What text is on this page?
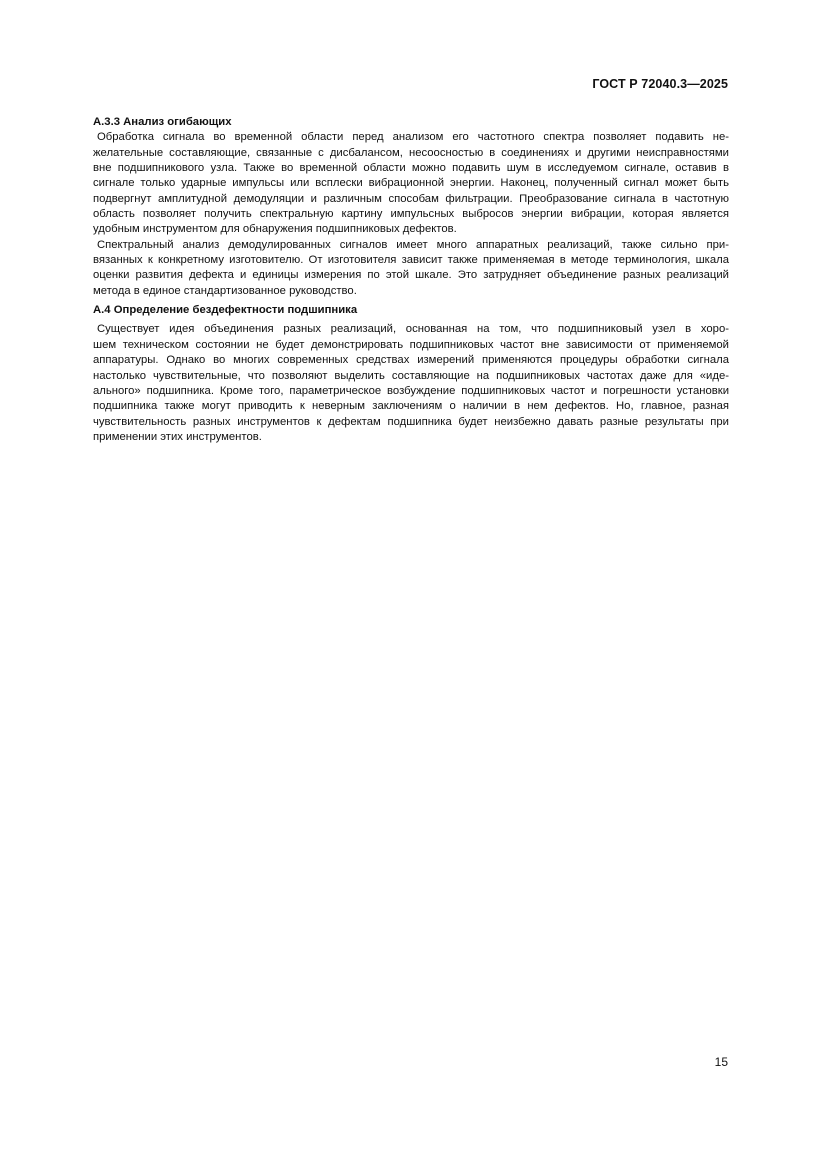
ГОСТ Р 72040.3—2025

А.3.3 Анализ огибающих

Обработка сигнала во временной области перед анализом его частотного спектра позволяет подавить не-
желательные составляющие, связанные с дисбалансом, несоосностью в соединениях и другими неисправностями
вне подшипникового узла. Также во временной области можно подавить шум в исследуемом сигнале, оставив в
сигнале только ударные импульсы или всплески вибрационной энергии. Наконец, полученный сигнал может быть
подвергнут амплитудной демодуляции и различным способам фильтрации. Преобразование сигнала в частотную
область позволяет получить спектральную картину импульсных выбросов энергии вибрации, которая является
удобным инструментом для обнаружения подшипниковых дефектов.
Спектральный анализ демодулированных сигналов имеет много аппаратных реализаций, также сильно при-
вязанных к конкретному изготовителю. От изготовителя зависит также применяемая в методе терминология, шкала
оценки развития дефекта и единицы измерения по этой шкале. Это затрудняет объединение разных реализаций
метода в единое стандартизованное руководство.

А.4 Определение бездефектности подшипника

Существует идея объединения разных реализаций, основанная на том, что подшипниковый узел в хоро-
шем техническом состоянии не будет демонстрировать подшипниковых частот вне зависимости от применяемой
аппаратуры. Однако во многих современных средствах измерений применяются процедуры обработки сигнала
настолько чувствительные, что позволяют выделить составляющие на подшипниковых частотах даже для «иде-
ального» подшипника. Кроме того, параметрическое возбуждение подшипниковых частот и погрешности установки
подшипника также могут приводить к неверным заключениям о наличии в нем дефектов. Но, главное, разная
чувствительность разных инструментов к дефектам подшипника будет неизбежно давать разные результаты при
применении этих инструментов.
15
